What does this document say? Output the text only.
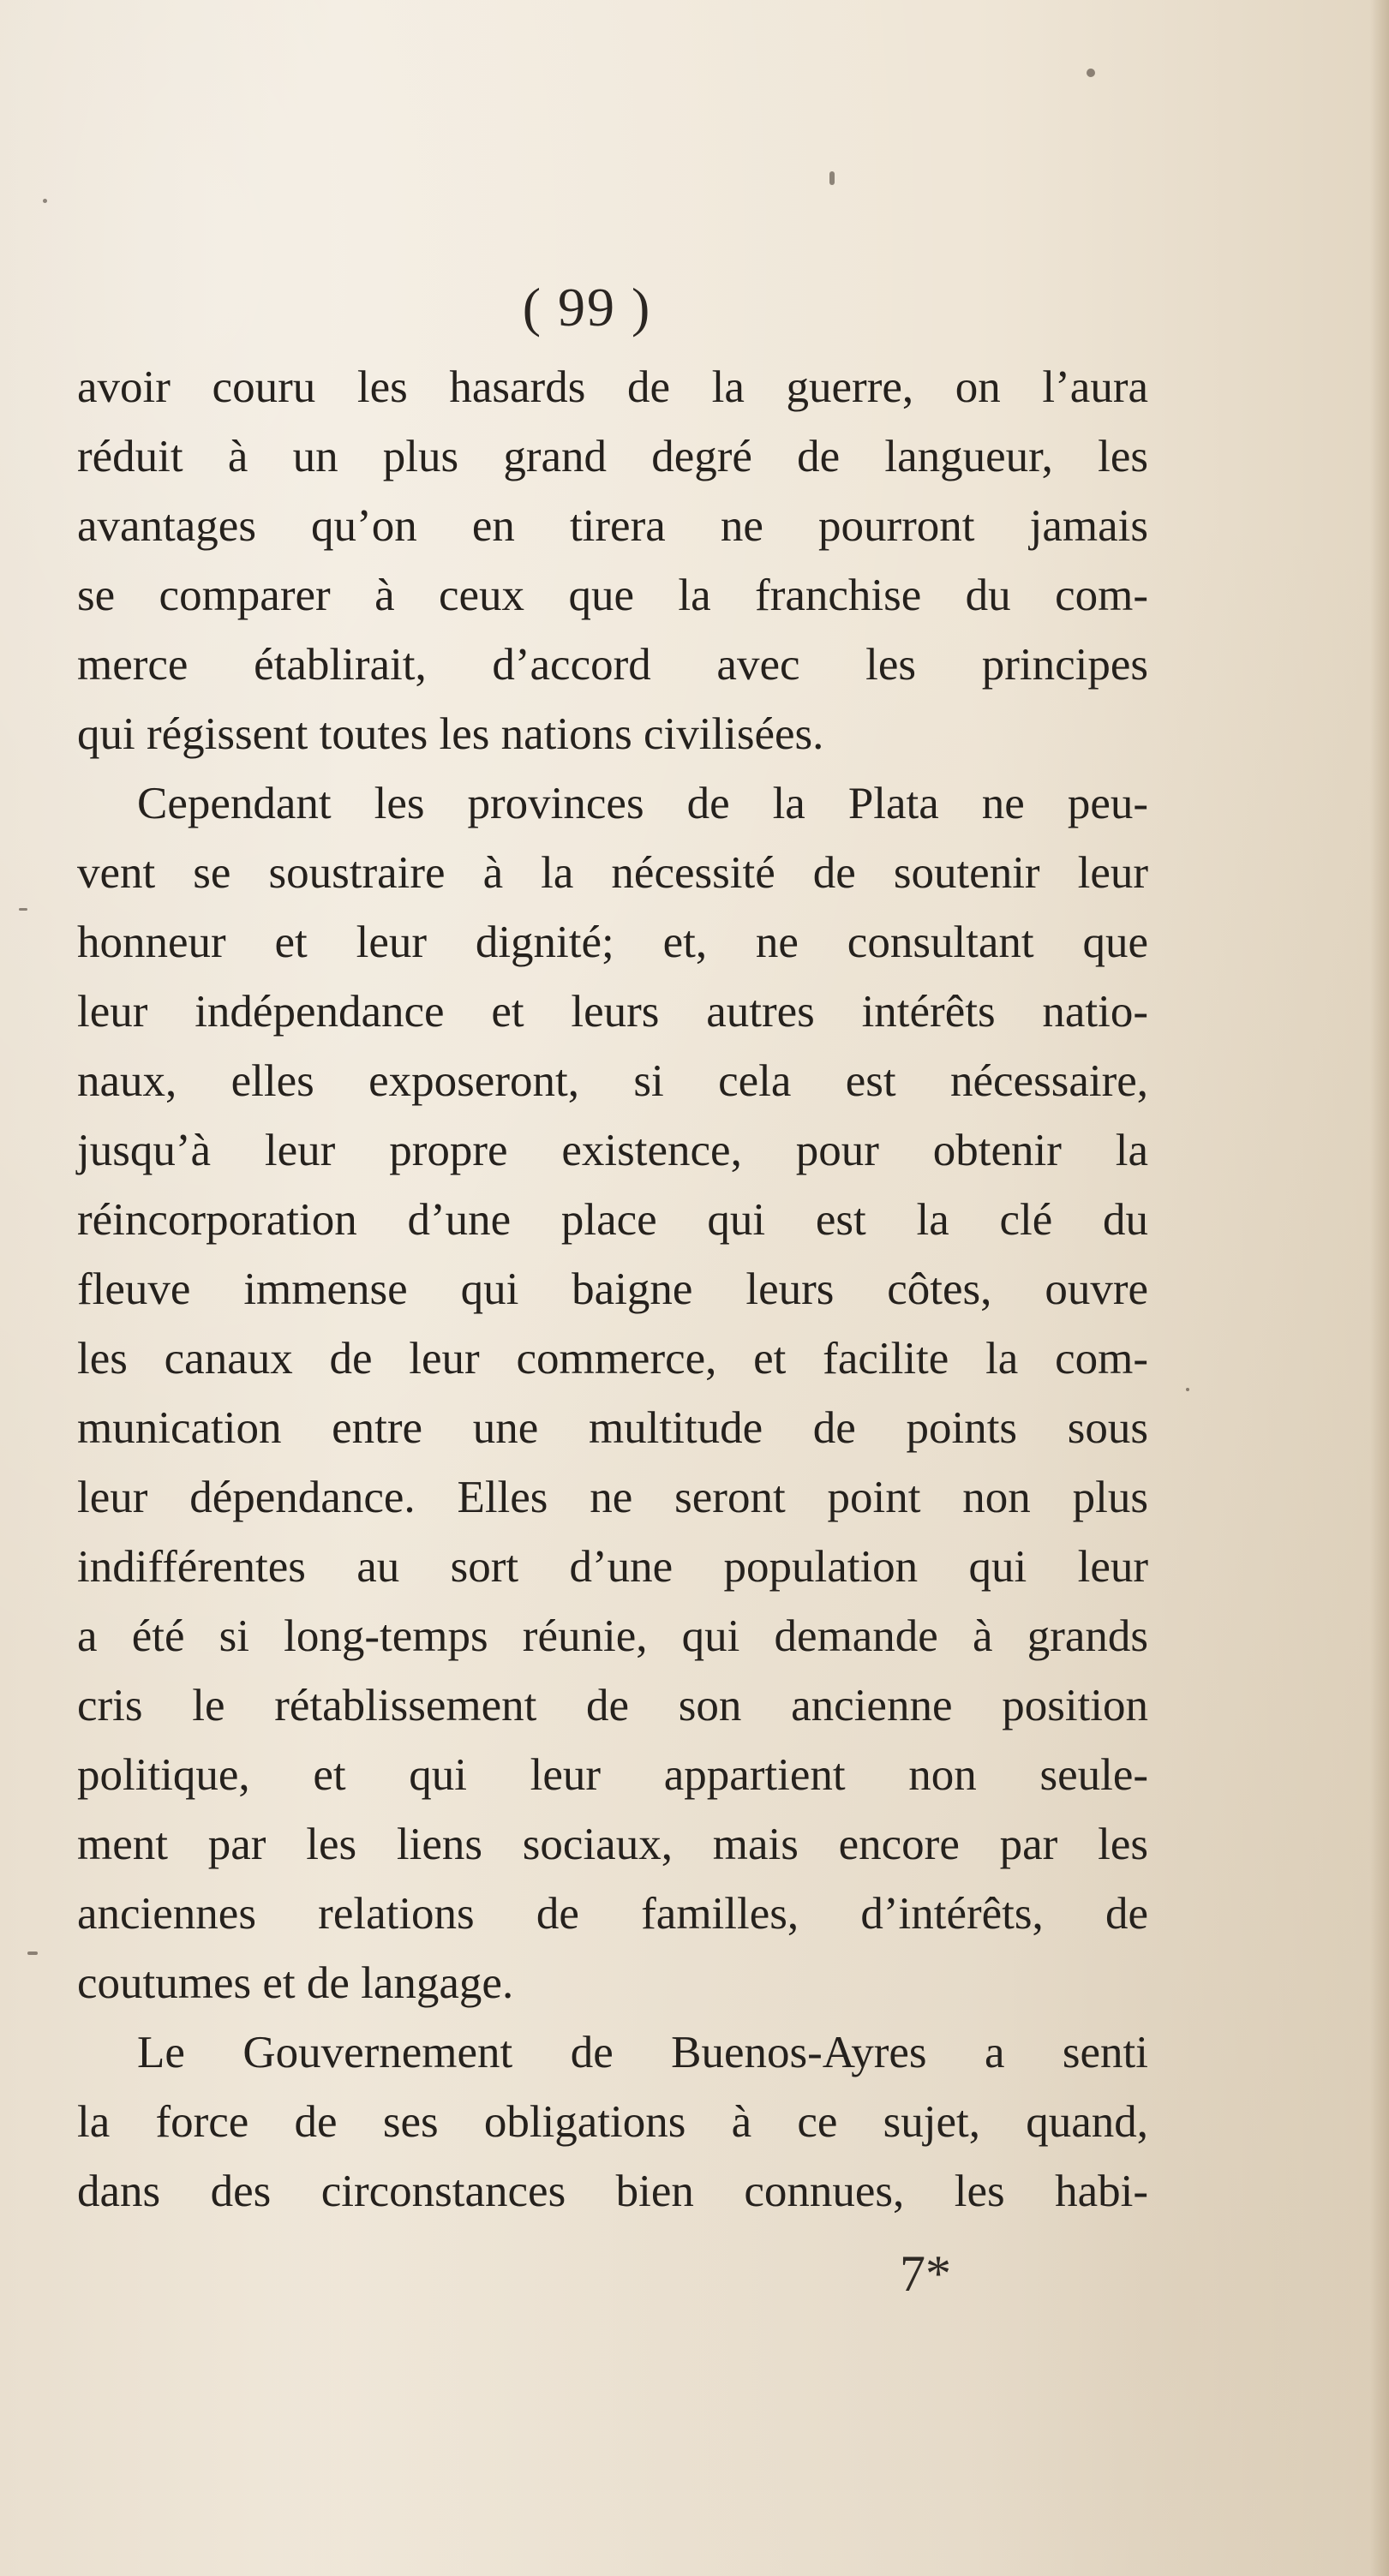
( 99 )
avoir couru les hasards de la guerre, on l’aura
réduit à un plus grand degré de langueur, les
avantages qu’on en tirera ne pourront jamais
se comparer à ceux que la franchise du com-
merce établirait, d’accord avec les principes
qui régissent toutes les nations civilisées.
Cependant les provinces de la Plata ne peu-
vent se soustraire à la nécessité de soutenir leur
honneur et leur dignité; et, ne consultant que
leur indépendance et leurs autres intérêts natio-
naux, elles exposeront, si cela est nécessaire,
jusqu’à leur propre existence, pour obtenir la
réincorporation d’une place qui est la clé du
fleuve immense qui baigne leurs côtes, ouvre
les canaux de leur commerce, et facilite la com-
munication entre une multitude de points sous
leur dépendance. Elles ne seront point non plus
indifférentes au sort d’une population qui leur
a été si long-temps réunie, qui demande à grands
cris le rétablissement de son ancienne position
politique, et qui leur appartient non seule-
ment par les liens sociaux, mais encore par les
anciennes relations de familles, d’intérêts, de
coutumes et de langage.
Le Gouvernement de Buenos-Ayres a senti
la force de ses obligations à ce sujet, quand,
dans des circonstances bien connues, les habi-
7*
